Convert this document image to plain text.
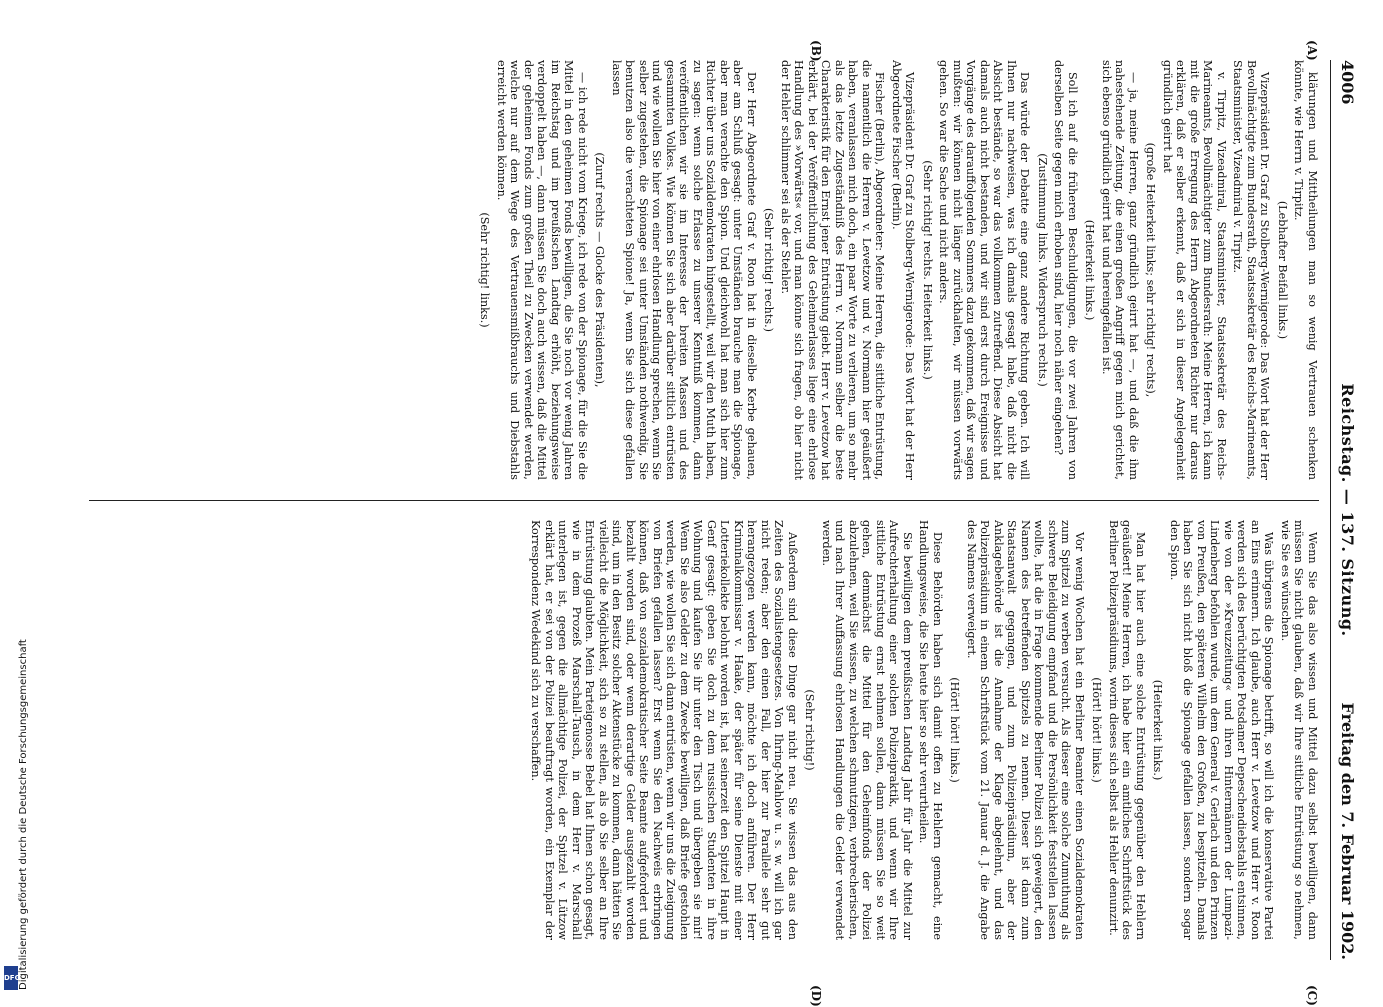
Digitalisierung gefördert durch die Deutsche Forschungsgemeinschaft
DFG
4006
Reichstag. — 137. Sitzung.
Freitag den 7. Februar 1902.
(A)
(B)
(C)
(D)

klärungen und Mittheilungen man so wenig Vertrauen schenken könnte, wie Herrn v. Tirpitz.

(Lebhafter Beifall links.)

Vizepräsident Dr. Graf zu Stolberg-Wernigerode: Das Wort hat der Herr Bevollmächtigte zum Bundesrath, Staatssekretär des Reichs-Marineamts, Staatsminister, Vizeadmiral v. Tirpitz.

v. Tirpitz, Vizeadmiral, Staatsminister, Staatssekretär des Reichs-Marineamts, Bevollmächtigter zum Bundesrath: Meine Herren, ich kann mit die große Erregung des Herrn Abgeordneten Richter nur daraus erklären, daß er selber erkennt, daß er sich in dieser Angelegenheit gründlich geirrt hat

(große Heiterkeit links; sehr richtig! rechts),

— ja, meine Herren, ganz gründlich geirrt hat —, und daß die ihm nahestehende Zeitung, die einen großen Angriff gegen mich gerichtet, sich ebenso gründlich geirrt hat und hereingefallen ist.

(Heiterkeit links.)

Soll ich auf die früheren Beschuldigungen, die vor zwei Jahren von derselben Seite gegen mich erhoben sind, hier noch näher eingehen?

(Zustimmung links. Widerspruch rechts.)

Das würde der Debatte eine ganz andere Richtung geben. Ich will Ihnen nur nachweisen, was ich damals gesagt habe, daß nicht die Absicht bestände, so war das vollkommen zutreffend. Diese Absicht hat damals auch nicht bestanden, und wir sind erst durch Ereignisse und Vorgänge des darauffolgenden Sommers dazu gekommen, daß wir sagen mußten: wir können nicht länger zurückhalten, wir müssen vorwärts gehen. So war die Sache und nicht anders.

(Sehr richtig! rechts. Heiterkeit links.)

Vizepräsident Dr. Graf zu Stolberg-Wernigerode: Das Wort hat der Herr Abgeordnete Fischer (Berlin).

Fischer (Berlin), Abgeordneter: Meine Herren, die sittliche Entrüstung, die namentlich die Herren v. Levetzow und v. Normann hier geäußert haben, veranlassen mich doch, ein paar Worte zu verlieren, um so mehr als das letzte Zugeständniß des Herrn v. Normann selber die beste Charakteristik für den Ernst jener Entrüstung giebt. Herr v. Levetzow hat erklärt, bei der Veröffentlichung des Geheimerlasses liege eine ehrlose Handlung des »Vorwärts« vor, und man könne sich fragen, ob hier nicht der Hehler schlimmer sei als der Stehler.

(Sehr richtig! rechts.)

Der Herr Abgeordnete Graf v. Roon hat in dieselbe Kerbe gehauen, aber am Schluß gesagt: unter Umständen brauche man die Spionage, aber man verachte den Spion. Und gleichwohl hat man sich hier zum Richter über uns Sozialdemokraten hingestellt, weil wir den Muth haben, zu sagen: wenn solche Erlasse zu unserer Kenntniß kommen, dann veröffentlichen wir sie im Interesse der breiten Massen und des gesammten Volkes. Wie können Sie sich aber darüber sittlich entrüsten und wie wollen Sie hier von einer ehrlosen Handlung sprechen, wenn Sie selber zugestehen, die Spionage sei unter Umständen nothwendig, Sie benutzen also die verachteten Spione! Ja, wenn Sie sich diese gefallen lassen

(Zuruf rechts — Glocke des Präsidenten),

— ich rede nicht vom Kriege, ich rede von der Spionage, für die Sie die Mittel in den geheimen Fonds bewilligen, die Sie noch vor wenig Jahren im Reichstag und im preußischen Landtag erhöht, beziehungsweise verdoppelt haben —, dann müssen Sie doch auch wissen, daß die Mittel der geheimen Fonds zum großen Theil zu Zwecken verwendet werden, welche nur auf dem Wege des Vertrauensmißbrauchs und Diebstahls erreicht werden können.

(Sehr richtig! links.)

Wenn Sie das also wissen und Mittel dazu selbst bewilligen, dann müssen Sie nicht glauben, daß wir Ihre sittliche Entrüstung so nehmen, wie Sie es wünschen.

Was übrigens die Spionage betrifft, so will ich die konservative Partei an Eins erinnern. Ich glaube, auch Herr v. Levetzow und Herr v. Roon werden sich des berüchtigten Potsdamer Depeschendiebstahls entsinnen, wie von der »Kreuzzeitung« und ihren Hintermännern der Lumpazi-Lindenberg befohlen wurde, um dem General v. Gerlach und den Prinzen von Preußen, den späteren Wilhelm den Großen, zu bespitzeln. Damals haben Sie sich nicht bloß die Spionage gefallen lassen, sondern sogar den Spion.

(Heiterkeit links.)

Man hat hier auch eine solche Entrüstung gegenüber den Hehlern geäußert! Meine Herren, ich habe hier ein amtliches Schriftstück des Berliner Polizeipräsidiums, worin dieses sich selbst als Hehler denunzirt.

(Hört! hört! links.)

Vor wenig Wochen hat ein Berliner Beamter einen Sozialdemokraten zum Spitzel zu werben versucht. Als dieser eine solche Zumuthung als schwere Beleidigung empfand und die Persönlichkeit feststellen lassen wollte, hat die in Frage kommende Berliner Polizei sich geweigert, den Namen des betreffenden Spitzels zu nennen. Dieser ist dann zum Staatsanwalt gegangen, und zum Polizeipräsidium, aber der Anklagebehörde ist die Annahme der Klage abgelehnt, und das Polizeipräsidium in einem Schriftstück vom 21. Januar d. J. die Angabe des Namens verweigert.

(Hört! hört! links.)

Diese Behörden haben sich damit offen zu Hehlern gemacht, eine Handlungsweise, die Sie heute hier so sehr verurtheilen.

Sie bewilligen dem preußischen Landtag Jahr für Jahr die Mittel zur Aufrechterhaltung einer solchen Polizeipraktik, und wenn wir Ihre sittliche Entrüstung ernst nehmen sollen, dann müssen Sie so weit gehen, demnächst die Mittel für den Geheimfonds der Polizei abzulehnen, weil Sie wissen, zu welchen schmutzigen, verbrecherischen, und nach Ihrer Auffassung ehrlosen Handlungen die Gelder verwendet werden.

(Sehr richtig!)

Außerdem sind diese Dinge gar nicht neu. Sie wissen das aus den Zeiten des Sozialistengesetzes. Von Ihring-Mahlow u. s. w. will ich gar nicht reden; aber den einen Fall, der hier zur Parallele sehr gut herangezogen werden kann, möchte ich doch anführen. Der Herr Kriminalkommissar v. Haake, der später für seine Dienste mit einer Lotteriekollekte belohnt worden ist, hat seinerzeit den Spitzel Haupt in Genf gesagt: geben Sie doch zu dem russischen Studenten in ihre Wohnung und kaufen Sie ihr unter den Tisch und übergeben sie mir! Wenn Sie also Gelder zu dem Zwecke bewilligen, daß Briefe gestohlen werden, wie wollen Sie sich dann entrüsten, wenn wir uns die Zueignung von Briefen gefallen lassen? Erst wenn Sie den Nachweis erbringen können, daß von sozialdemokratischer Seite Beamte aufgefordert und bezahlt worden sind, oder wenn derartige Gelder ausgezahlt worden sind, um in den Besitz solcher Aktenstücke zu kommen, dann hätten Sie vielleicht die Möglichkeit, sich so zu stellen, als ob Sie selber an Ihre Entrüstung glaubten. Mein Parteigenosse Bebel hat Ihnen schon gesagt, wie in dem Prozeß Marschall-Tausch, in dem Herr v. Marschall unterlegen ist, gegen die allmächtige Polizei, der Spitzel v. Lützow erklärt hat, er sei von der Polizei beauftragt worden, ein Exemplar der Korrespondenz Wedekind sich zu verschaffen.
